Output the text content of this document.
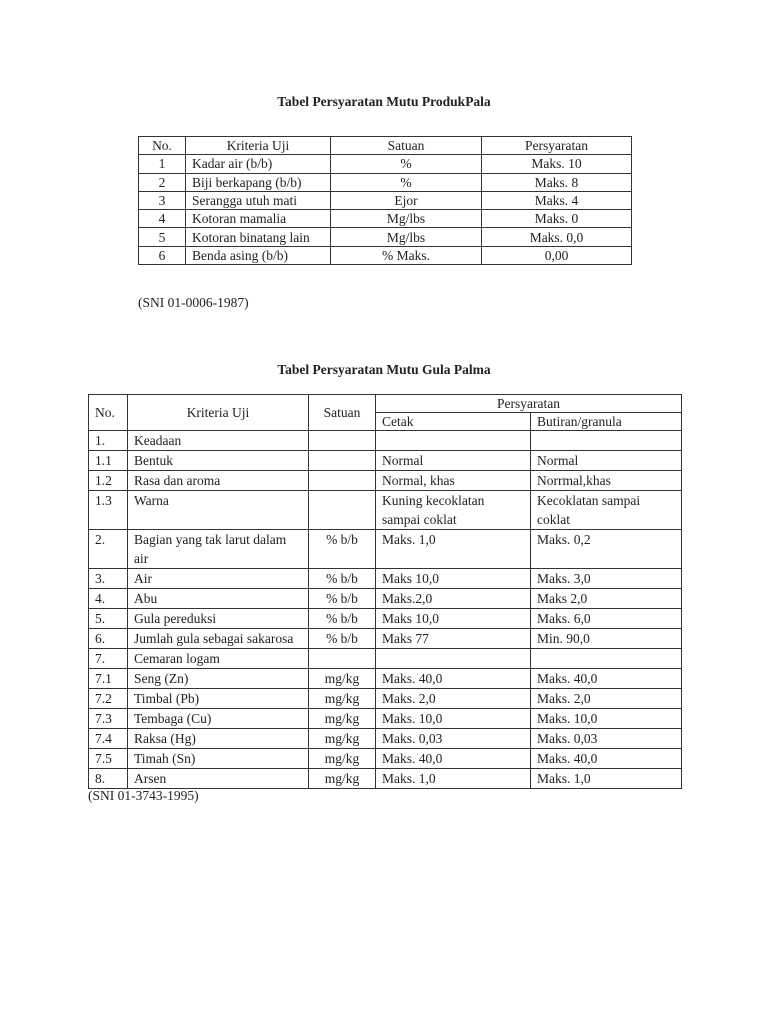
Tabel Persyaratan Mutu ProdukPala
No.	Kriteria Uji	Satuan	Persyaratan
1	Kadar air (b/b)	%	Maks. 10
2	Biji berkapang (b/b)	%	Maks. 8
3	Serangga utuh mati	Ejor	Maks. 4
4	Kotoran mamalia	Mg/lbs	Maks. 0
5	Kotoran binatang lain	Mg/lbs	Maks. 0,0
6	Benda asing (b/b)	% Maks.	0,00
(SNI 01-0006-1987)
Tabel Persyaratan Mutu Gula Palma
No.	Kriteria Uji	Satuan	Persyaratan	
			Cetak	Butiran/granula
1.	Keadaan			
1.1	Bentuk		Normal	Normal
1.2	Rasa dan aroma		Normal, khas	Norrmal,khas
1.3	Warna		Kuning kecoklatan sampai coklat	Kecoklatan sampai coklat
2.	Bagian yang tak larut dalam air	% b/b	Maks. 1,0	Maks. 0,2
3.	Air	% b/b	Maks 10,0	Maks. 3,0
4.	Abu	% b/b	Maks.2,0	Maks 2,0
5.	Gula pereduksi	% b/b	Maks 10,0	Maks. 6,0
6.	Jumlah gula sebagai sakarosa	% b/b	Maks 77	Min. 90,0
7.	Cemaran logam			
7.1	Seng (Zn)	mg/kg	Maks. 40,0	Maks. 40,0
7.2	Timbal (Pb)	mg/kg	Maks. 2,0	Maks. 2,0
7.3	Tembaga (Cu)	mg/kg	Maks. 10,0	Maks. 10,0
7.4	Raksa (Hg)	mg/kg	Maks. 0,03	Maks. 0,03
7.5	Timah (Sn)	mg/kg	Maks. 40,0	Maks. 40,0
8.	Arsen	mg/kg	Maks. 1,0	Maks. 1,0
(SNI 01-3743-1995)
